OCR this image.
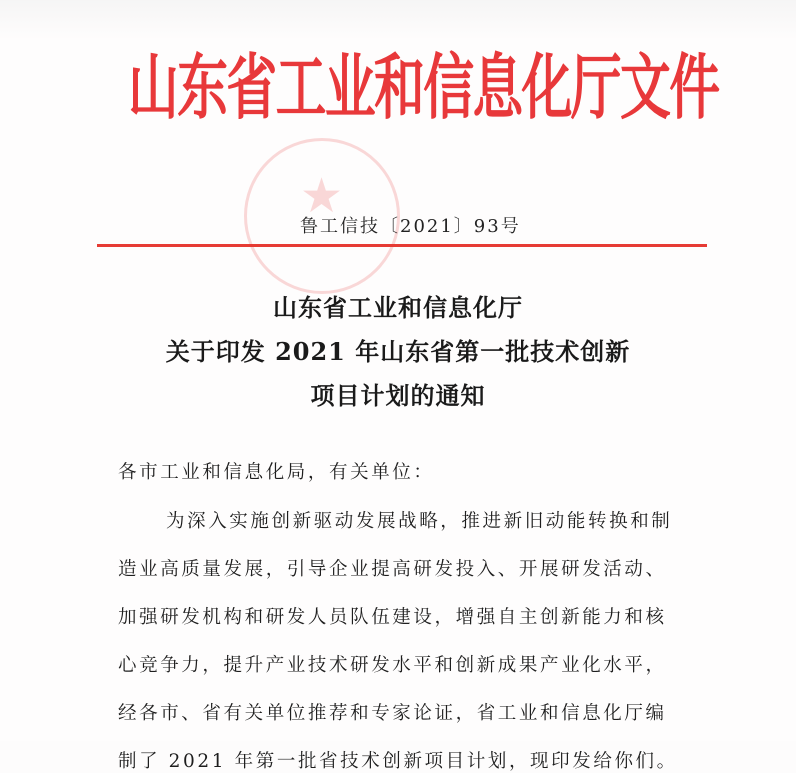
★
山东省工业和信息化厅文件
鲁工信技〔2021〕93号
山东省工业和信息化厅
关于印发 2021 年山东省第一批技术创新
项目计划的通知
各市工业和信息化局，有关单位：
为深入实施创新驱动发展战略，推进新旧动能转换和制
造业高质量发展，引导企业提高研发投入、开展研发活动、
加强研发机构和研发人员队伍建设，增强自主创新能力和核
心竞争力，提升产业技术研发水平和创新成果产业化水平，
经各市、省有关单位推荐和专家论证，省工业和信息化厅编
制了 2021 年第一批省技术创新项目计划，现印发给你们。
